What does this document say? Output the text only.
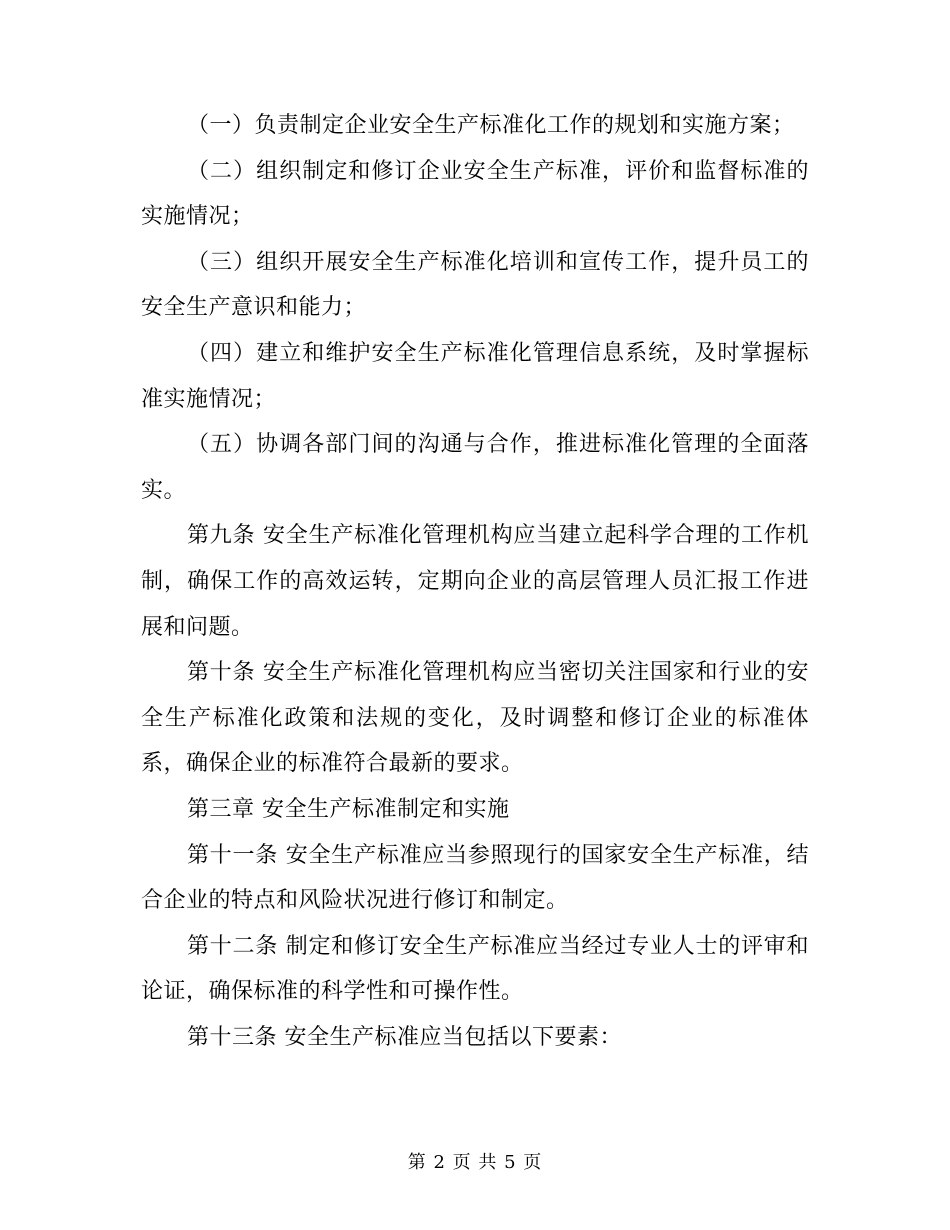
（一）负责制定企业安全生产标准化工作的规划和实施方案；

（二）组织制定和修订企业安全生产标准，评价和监督标准的实施情况；

（三）组织开展安全生产标准化培训和宣传工作，提升员工的安全生产意识和能力；

（四）建立和维护安全生产标准化管理信息系统，及时掌握标准实施情况；

（五）协调各部门间的沟通与合作，推进标准化管理的全面落实。

第九条 安全生产标准化管理机构应当建立起科学合理的工作机制，确保工作的高效运转，定期向企业的高层管理人员汇报工作进展和问题。

第十条 安全生产标准化管理机构应当密切关注国家和行业的安全生产标准化政策和法规的变化，及时调整和修订企业的标准体系，确保企业的标准符合最新的要求。

第三章 安全生产标准制定和实施

第十一条 安全生产标准应当参照现行的国家安全生产标准，结合企业的特点和风险状况进行修订和制定。

第十二条 制定和修订安全生产标准应当经过专业人士的评审和论证，确保标准的科学性和可操作性。

第十三条 安全生产标准应当包括以下要素：

第 2 页 共 5 页
